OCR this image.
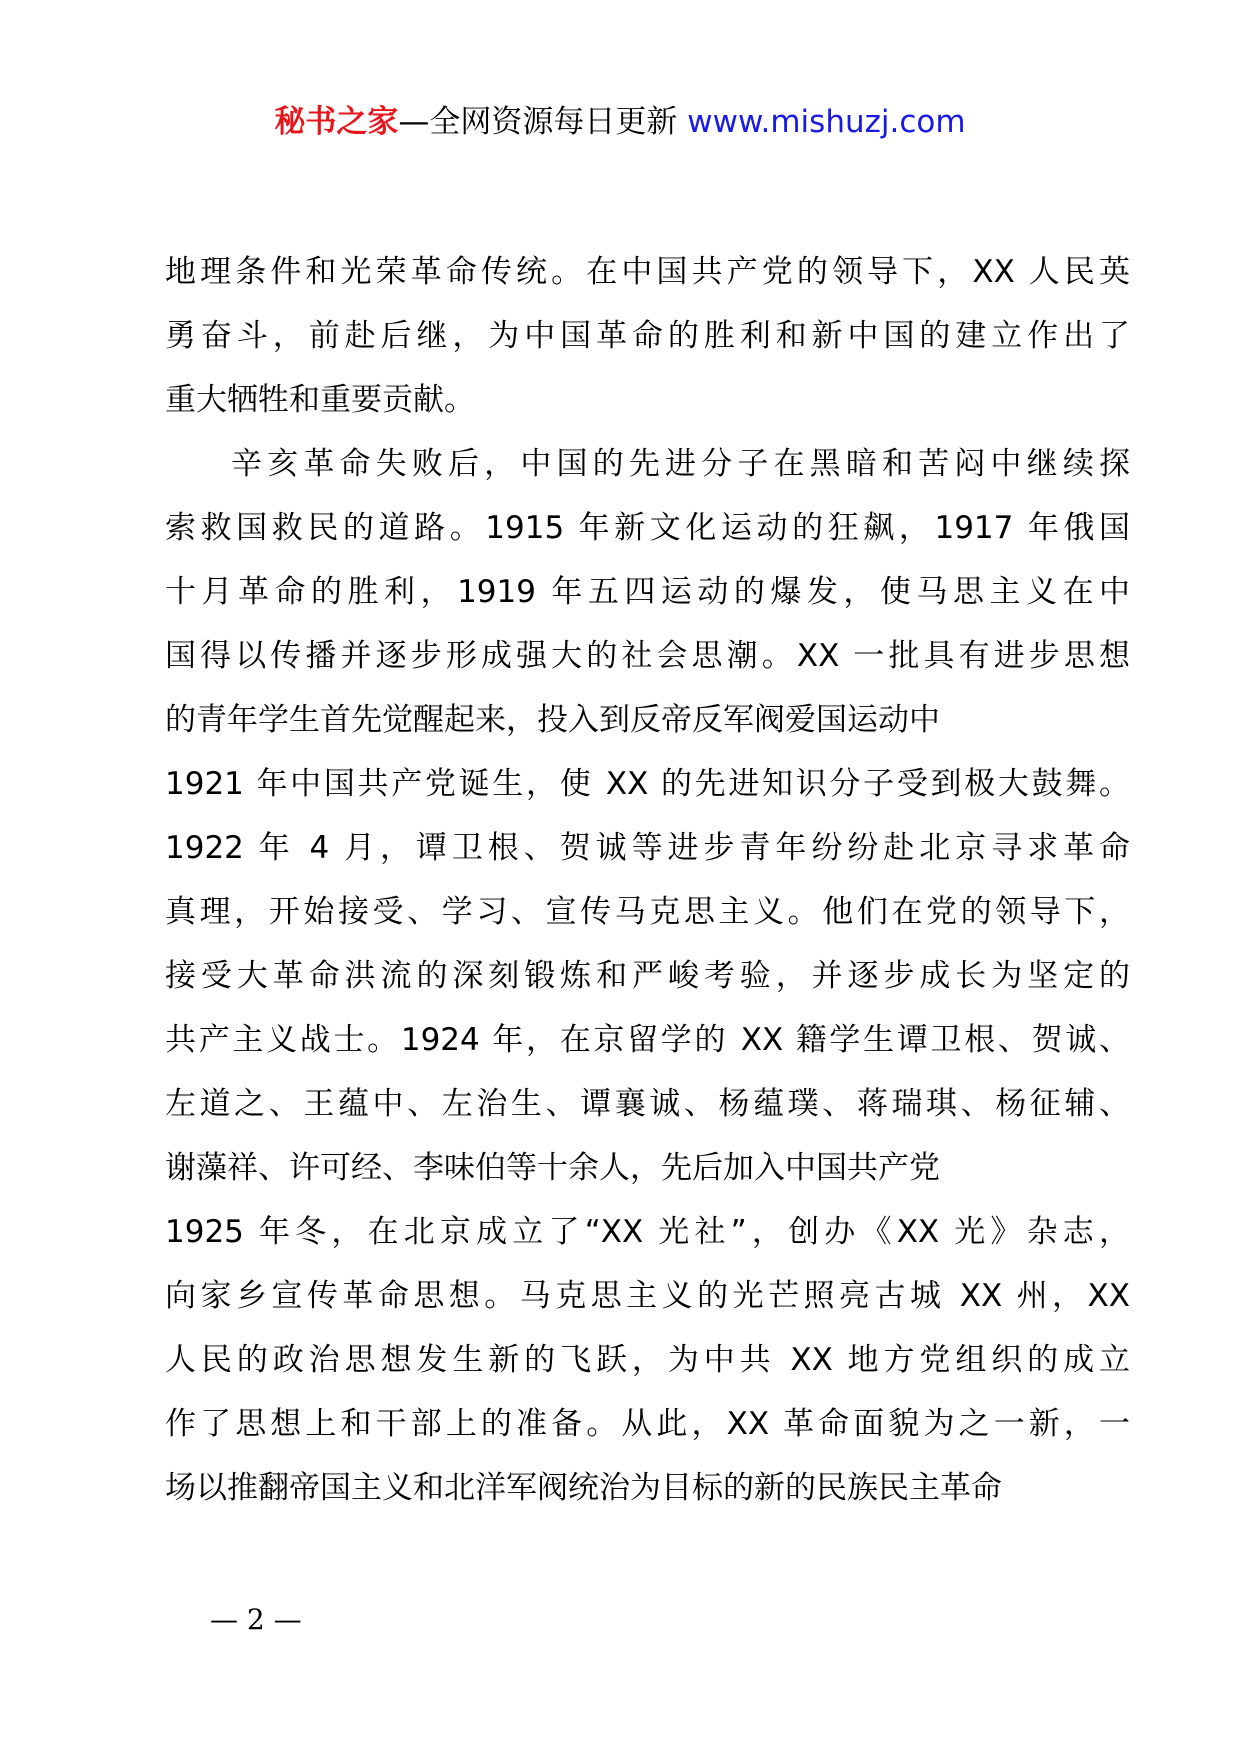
秘书之家—全网资源每日更新 www.mishuzj.com
地理条件和光荣革命传统。在中国共产党的领导下，XX 人民英
勇奋斗，前赴后继，为中国革命的胜利和新中国的建立作出了
重大牺牲和重要贡献。
辛亥革命失败后，中国的先进分子在黑暗和苦闷中继续探
索救国救民的道路。1915 年新文化运动的狂飙，1917 年俄国
十月革命的胜利，1919 年五四运动的爆发，使马思主义在中
国得以传播并逐步形成强大的社会思潮。XX 一批具有进步思想
的青年学生首先觉醒起来，投入到反帝反军阀爱国运动中
1921 年中国共产党诞生，使 XX 的先进知识分子受到极大鼓舞。
1922 年 4 月，谭卫根、贺诚等进步青年纷纷赴北京寻求革命
真理，开始接受、学习、宣传马克思主义。他们在党的领导下，
接受大革命洪流的深刻锻炼和严峻考验，并逐步成长为坚定的
共产主义战士。1924 年，在京留学的 XX 籍学生谭卫根、贺诚、
左道之、王蕴中、左治生、谭襄诚、杨蕴璞、蒋瑞琪、杨征辅、
谢藻祥、许可经、李味伯等十余人，先后加入中国共产党
1925 年冬，在北京成立了“XX 光社”，创办《XX 光》杂志，
向家乡宣传革命思想。马克思主义的光芒照亮古城 XX 州，XX
人民的政治思想发生新的飞跃，为中共 XX 地方党组织的成立
作了思想上和干部上的准备。从此，XX 革命面貌为之一新，一
场以推翻帝国主义和北洋军阀统治为目标的新的民族民主革命
— 2 —
